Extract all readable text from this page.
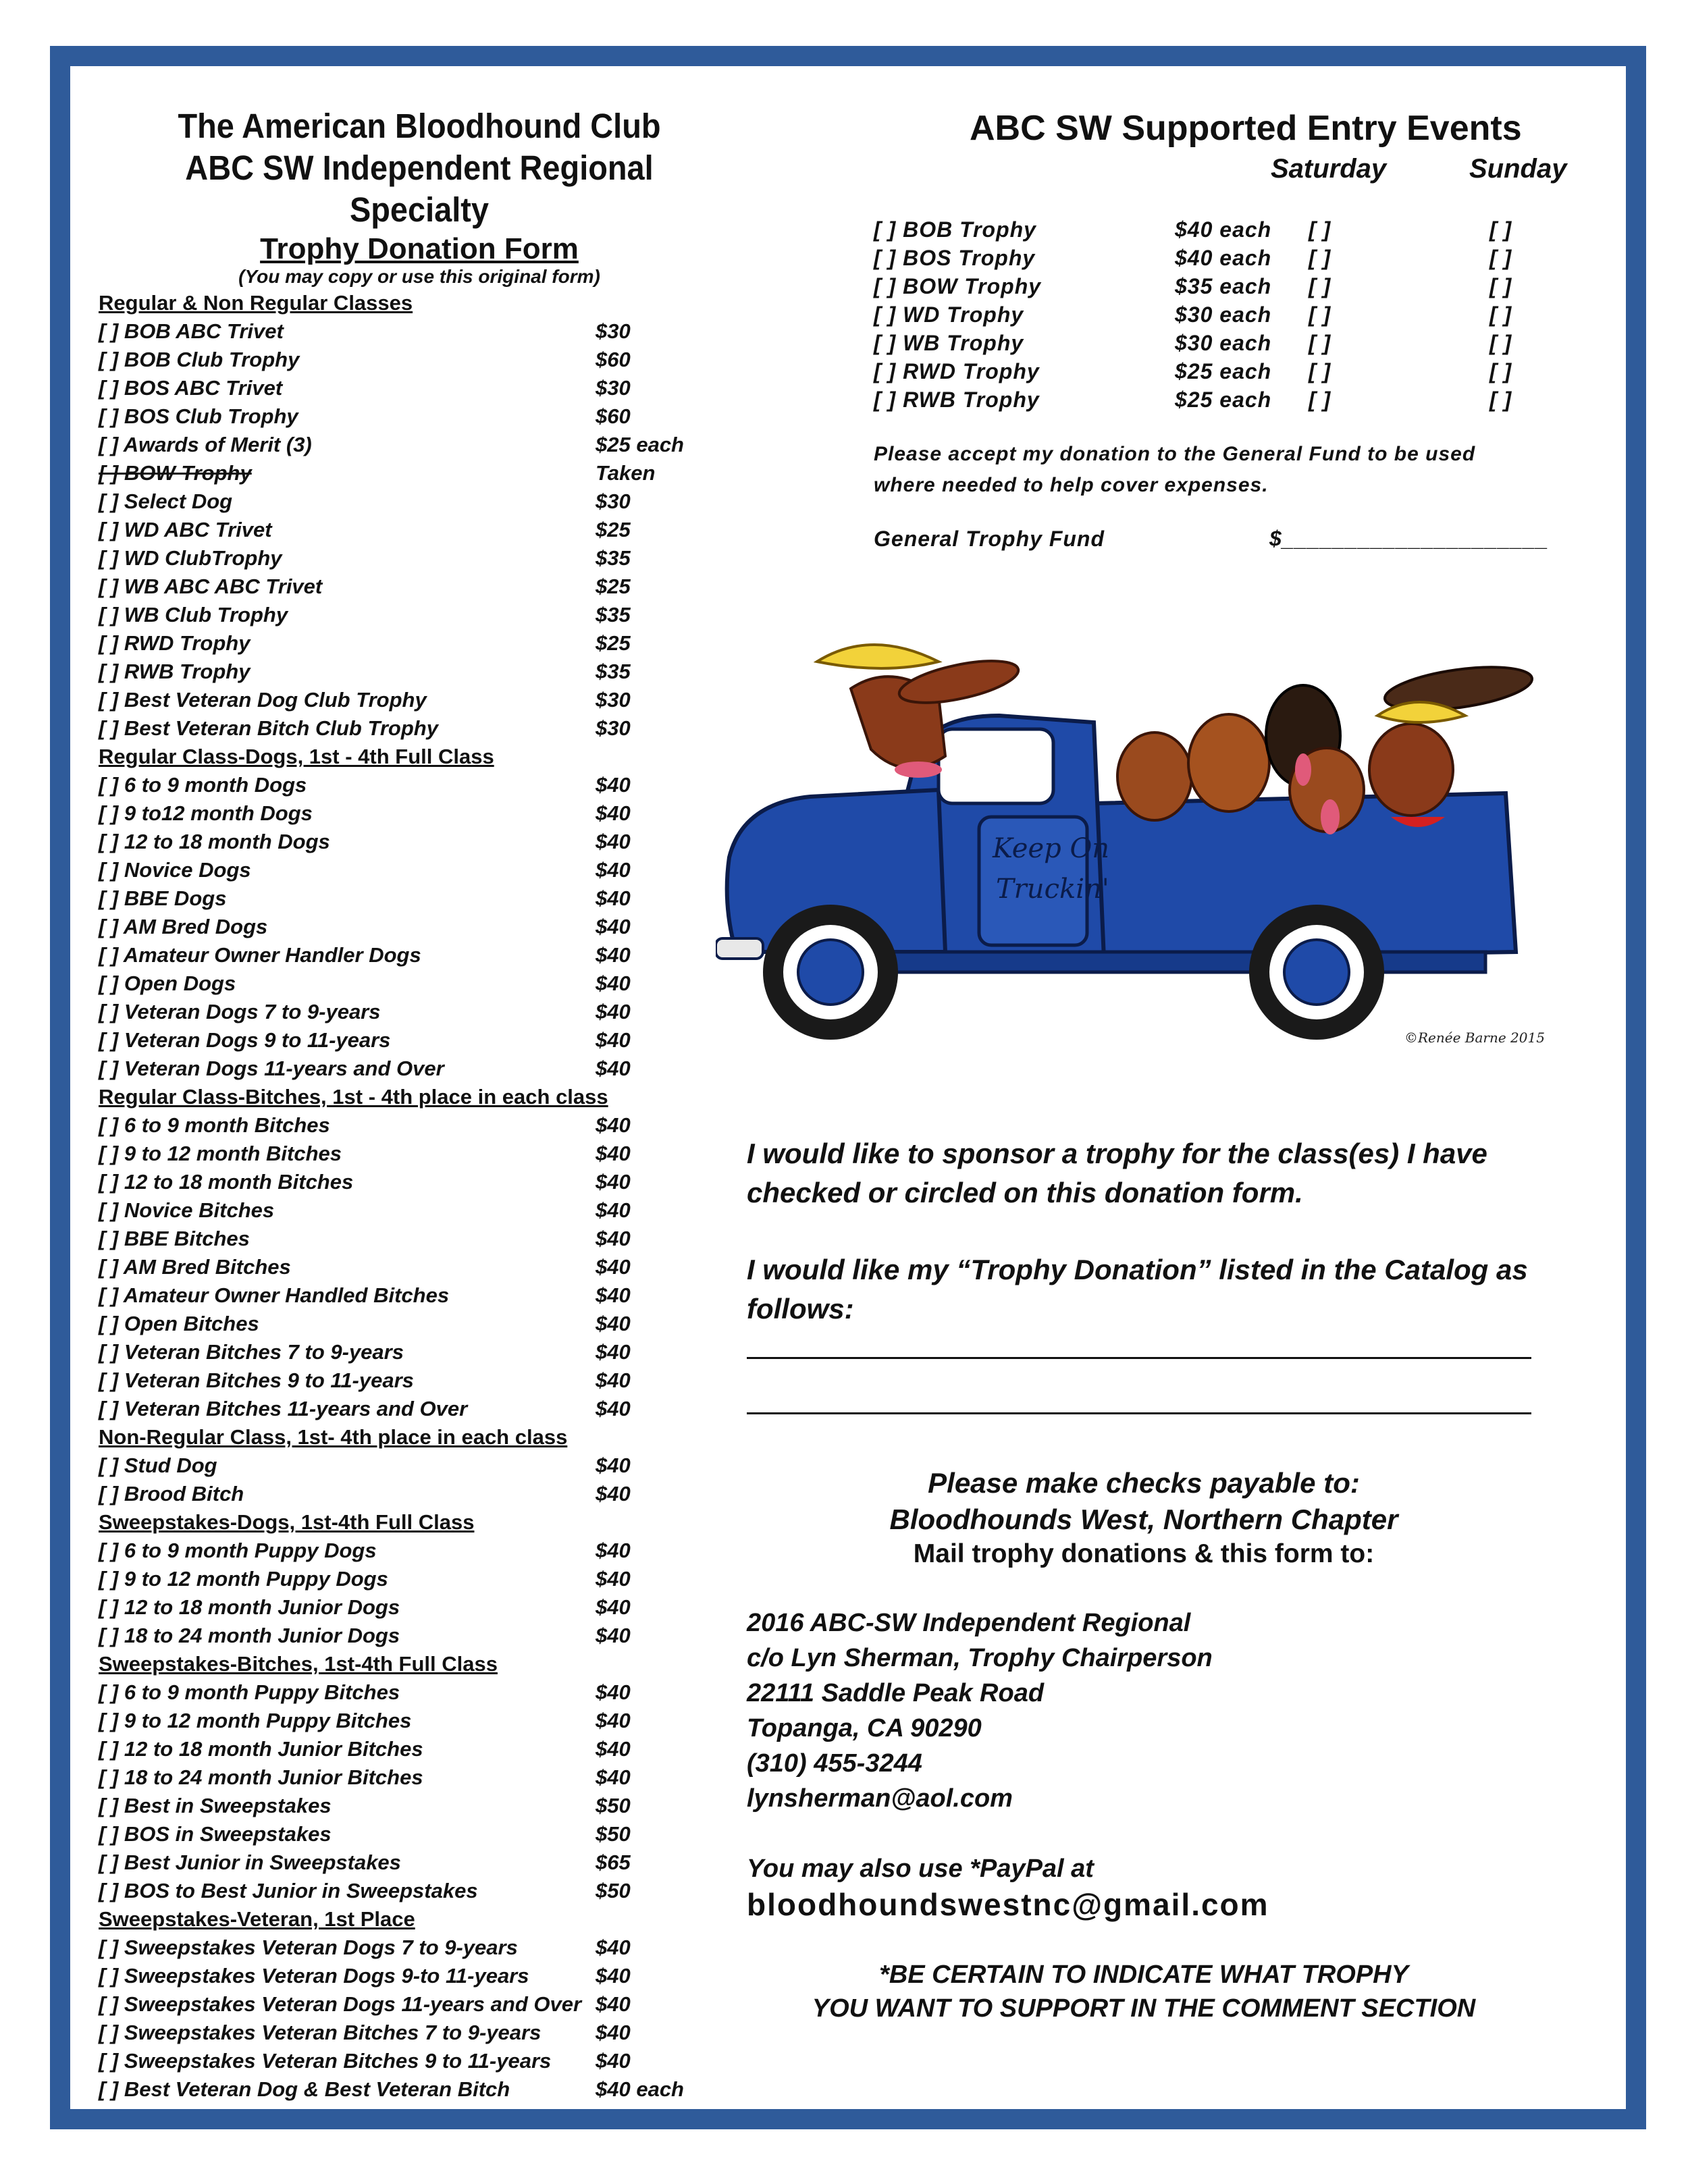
The American Bloodhound Club
ABC SW Independent Regional Specialty
Trophy Donation Form
(You may copy or use this original form)
Regular & Non Regular Classes
[ ] BOB ABC Trivet	$30
[ ] BOB Club Trophy	$60
[ ] BOS ABC Trivet	$30
[ ] BOS Club Trophy	$60
[ ] Awards of Merit (3)	$25 each
[ ] BOW Trophy	Taken
[ ] Select Dog	$30
[ ] WD ABC Trivet	$25
[ ] WD ClubTrophy	$35
[ ] WB ABC ABC Trivet	$25
[ ] WB Club Trophy	$35
[ ] RWD Trophy	$25
[ ] RWB Trophy	$35
[ ] Best Veteran Dog Club Trophy	$30
[ ] Best Veteran Bitch Club Trophy	$30
Regular Class-Dogs, 1st - 4th Full Class
[ ] 6 to 9 month Dogs	$40
[ ] 9 to12 month Dogs	$40
[ ] 12 to 18 month Dogs	$40
[ ] Novice Dogs	$40
[ ] BBE Dogs	$40
[ ] AM Bred Dogs	$40
[ ] Amateur Owner Handler Dogs	$40
[ ] Open Dogs	$40
[ ] Veteran Dogs 7 to 9-years	$40
[ ] Veteran Dogs 9 to 11-years	$40
[ ] Veteran Dogs 11-years and Over	$40
Regular Class-Bitches, 1st - 4th place in each class
[ ] 6 to 9 month Bitches	$40
[ ] 9 to 12 month Bitches	$40
[ ] 12 to 18 month Bitches	$40
[ ] Novice Bitches	$40
[ ] BBE Bitches	$40
[ ] AM Bred Bitches	$40
[ ] Amateur Owner Handled Bitches	$40
[ ] Open Bitches	$40
[ ] Veteran Bitches 7 to 9-years	$40
[ ] Veteran Bitches 9 to 11-years	$40
[ ] Veteran Bitches 11-years and Over	$40
Non-Regular Class, 1st- 4th place in each class
[ ] Stud Dog	$40
[ ] Brood Bitch	$40
Sweepstakes-Dogs, 1st-4th Full Class
[ ] 6 to 9 month Puppy Dogs	$40
[ ] 9 to 12 month Puppy Dogs	$40
[ ] 12 to 18 month Junior Dogs	$40
[ ] 18 to 24 month Junior Dogs	$40
Sweepstakes-Bitches, 1st-4th Full Class
[ ] 6 to 9 month Puppy Bitches	$40
[ ] 9 to 12 month Puppy Bitches	$40
[ ] 12 to 18 month Junior Bitches	$40
[ ] 18 to 24 month Junior Bitches	$40
[ ] Best in Sweepstakes	$50
[ ] BOS in Sweepstakes	$50
[ ] Best Junior in Sweepstakes	$65
[ ] BOS to Best Junior in Sweepstakes	$50
Sweepstakes-Veteran, 1st Place
[ ] Sweepstakes Veteran Dogs 7 to 9-years	$40
[ ] Sweepstakes Veteran Dogs 9-to 11-years	$40
[ ] Sweepstakes Veteran Dogs 11-years and Over $40
[ ] Sweepstakes Veteran Bitches 7 to 9-years	$40
[ ] Sweepstakes Veteran Bitches 9 to 11-years $40
[ ] Best Veteran Dog & Best Veteran Bitch	$40 each
ABC SW Supported Entry Events
Saturday	Sunday
[ ] BOB Trophy	$40 each [ ]	[ ]
[ ] BOS Trophy	$40 each [ ]	[ ]
[ ] BOW Trophy	$35 each [ ]	[ ]
[ ] WD Trophy	$30 each [ ]	[ ]
[ ] WB Trophy	$30 each [ ]	[ ]
[ ] RWD Trophy	$25 each [ ]	[ ]
[ ] RWB Trophy	$25 each [ ]	[ ]
Please accept my donation to the General Fund to be used where needed to help cover expenses.
General Trophy Fund	$_____________________
Keep On
Truckin'
©Renée Barne 2015
I would like to sponsor a trophy for the class(es) I have
checked or circled on this donation form.
I would like my “Trophy Donation” listed in the Catalog as
follows:
Please make checks payable to:
Bloodhounds West, Northern Chapter
Mail trophy donations & this form to:
2016 ABC-SW Independent Regional
c/o Lyn Sherman, Trophy Chairperson
22111 Saddle Peak Road
Topanga, CA 90290
(310) 455-3244
lynsherman@aol.com
You may also use *PayPal at
bloodhoundswestnc@gmail.com
*BE CERTAIN TO INDICATE WHAT TROPHY
YOU WANT TO SUPPORT IN THE COMMENT SECTION
